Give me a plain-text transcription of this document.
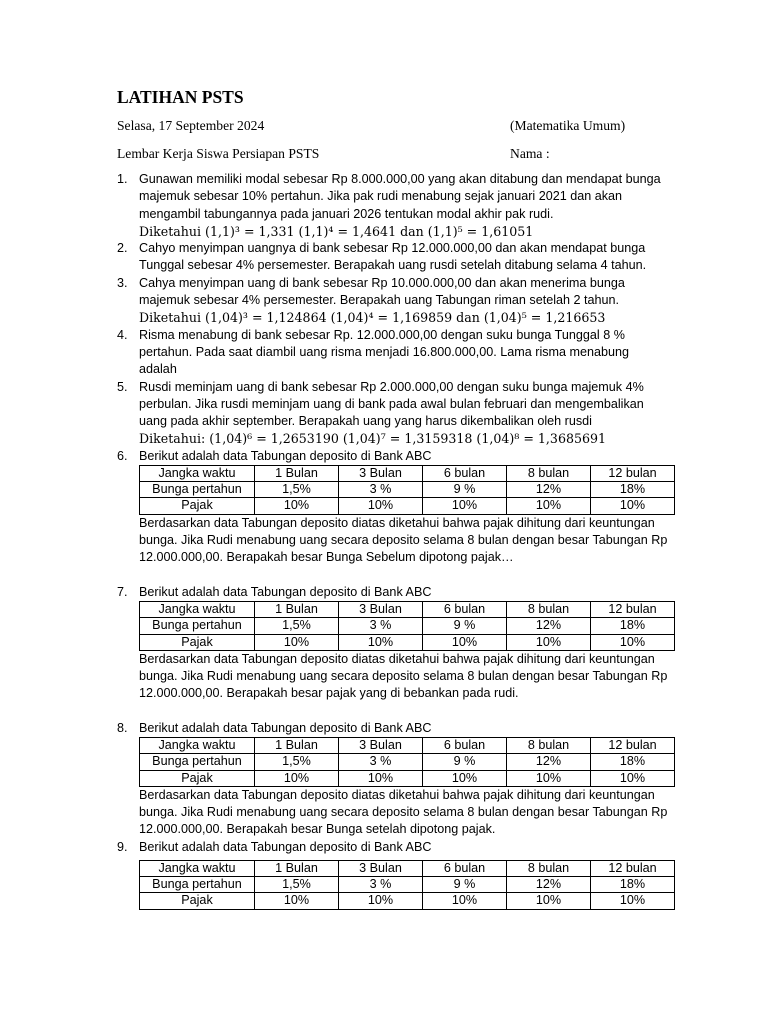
LATIHAN PSTS
Selasa, 17 September 2024	(Matematika Umum)
Lembar Kerja Siswa Persiapan PSTS	Nama :
1. Gunawan memiliki modal sebesar Rp 8.000.000,00 yang akan ditabung dan mendapat bunga

majemuk sebesar 10% pertahun. Jika pak rudi menabung sejak januari 2021 dan akan

mengambil tabungannya pada januari 2026 tentukan modal akhir pak rudi.

Diketahui (1,1)³ = 1,331 (1,1)⁴ = 1,4641 dan (1,1)⁵ = 1,61051

2. Cahyo menyimpan uangnya di bank sebesar Rp 12.000.000,00 dan akan mendapat bunga

Tunggal sebesar 4% persemester. Berapakah uang rusdi setelah ditabung selama 4 tahun.

3. Cahya menyimpan uang di bank sebesar Rp 10.000.000,00 dan akan menerima bunga

majemuk sebesar 4% persemester. Berapakah uang Tabungan riman setelah 2 tahun.

Diketahui (1,04)³ = 1,124864 (1,04)⁴ = 1,169859 dan (1,04)⁵ = 1,216653

4. Risma menabung di bank sebesar Rp. 12.000.000,00 dengan suku bunga Tunggal 8 %

pertahun. Pada saat diambil uang risma menjadi 16.800.000,00. Lama risma menabung

adalah

5. Rusdi meminjam uang di bank sebesar Rp 2.000.000,00 dengan suku bunga majemuk 4%

perbulan. Jika rusdi meminjam uang di bank pada awal bulan februari dan mengembalikan

uang pada akhir september. Berapakah uang yang harus dikembalikan oleh rusdi

Diketahui: (1,04)⁶ = 1,2653190 (1,04)⁷ = 1,3159318 (1,04)⁸ = 1,3685691

6. Berikut adalah data Tabungan deposito di Bank ABC

Jangka waktu	1 Bulan	3 Bulan	6 bulan	8 bulan	12 bulan
Bunga pertahun	1,5%	3 %	9 %	12%	18%
Pajak	10%	10%	10%	10%	10%

Berdasarkan data Tabungan deposito diatas diketahui bahwa pajak dihitung dari keuntungan

bunga. Jika Rudi menabung uang secara deposito selama 8 bulan dengan besar Tabungan Rp

12.000.000,00. Berapakah besar Bunga Sebelum dipotong pajak…

7. Berikut adalah data Tabungan deposito di Bank ABC

Jangka waktu	1 Bulan	3 Bulan	6 bulan	8 bulan	12 bulan
Bunga pertahun	1,5%	3 %	9 %	12%	18%
Pajak	10%	10%	10%	10%	10%

Berdasarkan data Tabungan deposito diatas diketahui bahwa pajak dihitung dari keuntungan

bunga. Jika Rudi menabung uang secara deposito selama 8 bulan dengan besar Tabungan Rp

12.000.000,00. Berapakah besar pajak yang di bebankan pada rudi.

8. Berikut adalah data Tabungan deposito di Bank ABC

Jangka waktu	1 Bulan	3 Bulan	6 bulan	8 bulan	12 bulan
Bunga pertahun	1,5%	3 %	9 %	12%	18%
Pajak	10%	10%	10%	10%	10%

Berdasarkan data Tabungan deposito diatas diketahui bahwa pajak dihitung dari keuntungan

bunga. Jika Rudi menabung uang secara deposito selama 8 bulan dengan besar Tabungan Rp

12.000.000,00. Berapakah besar Bunga setelah dipotong pajak.

9. Berikut adalah data Tabungan deposito di Bank ABC

Jangka waktu	1 Bulan	3 Bulan	6 bulan	8 bulan	12 bulan
Bunga pertahun	1,5%	3 %	9 %	12%	18%
Pajak	10%	10%	10%	10%	10%
